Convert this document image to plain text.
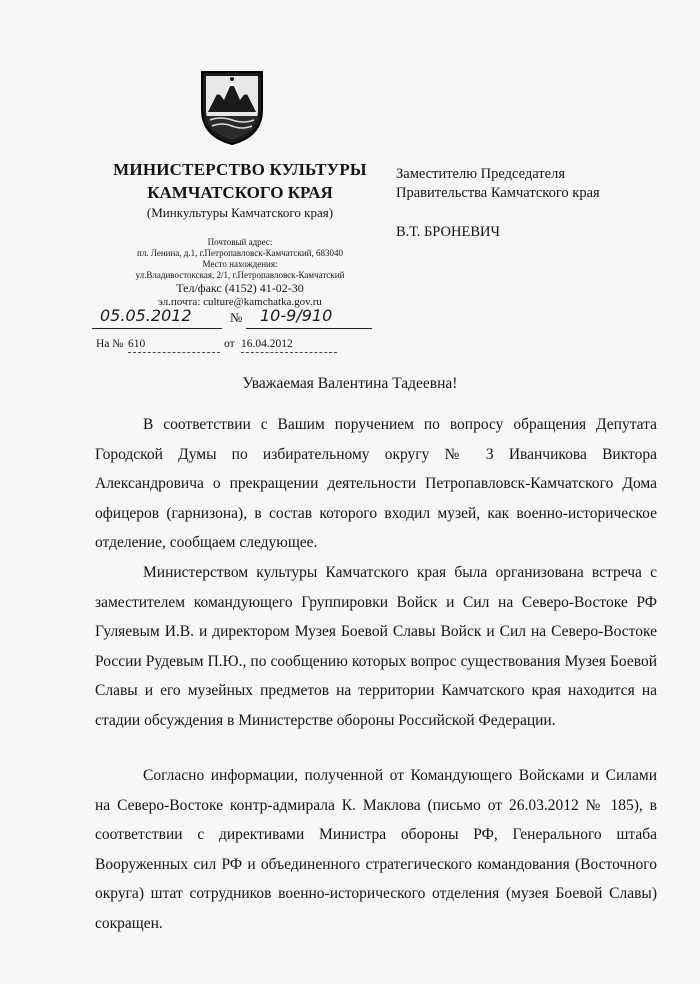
МИНИСТЕРСТВО КУЛЬТУРЫ
КАМЧАТСКОГО КРАЯ
(Минкультуры Камчатского края)
Почтовый адрес:
пл. Ленина, д.1, г.Петропавловск-Камчатский, 683040
Место нахождения:
ул.Владивостокская, 2/1, г.Петропавловск-Камчатский
Тел/факс (4152) 41-02-30
эл.почта: culture@kamchatka.gov.ru
05.05.2012	№ 10-9/910
На № 610	от 16.04.2012
Заместителю Председателя
Правительства Камчатского края
В.Т. БРОНЕВИЧ
Уважаемая Валентина Тадеевна!

В соответствии с Вашим поручением по вопросу обращения Депутата Городской Думы по избирательному округу № 3 Иванчикова Виктора Александровича о прекращении деятельности Петропавловск-Камчатского Дома офицеров (гарнизона), в состав которого входил музей, как военно-историческое отделение, сообщаем следующее.

Министерством культуры Камчатского края была организована встреча с заместителем командующего Группировки Войск и Сил на Северо-Востоке РФ Гуляевым И.В. и директором Музея Боевой Славы Войск и Сил на Северо-Востоке России Рудевым П.Ю., по сообщению которых вопрос существования Музея Боевой Славы и его музейных предметов на территории Камчатского края находится на стадии обсуждения в Министерстве обороны Российской Федерации.

Согласно информации, полученной от Командующего Войсками и Силами на Северо-Востоке контр-адмирала К. Маклова (письмо от 26.03.2012 № 185), в соответствии с директивами Министра обороны РФ, Генерального штаба Вооруженных сил РФ и объединенного стратегического командования (Восточного округа) штат сотрудников военно-исторического отделения (музея Боевой Славы) сокращен.
